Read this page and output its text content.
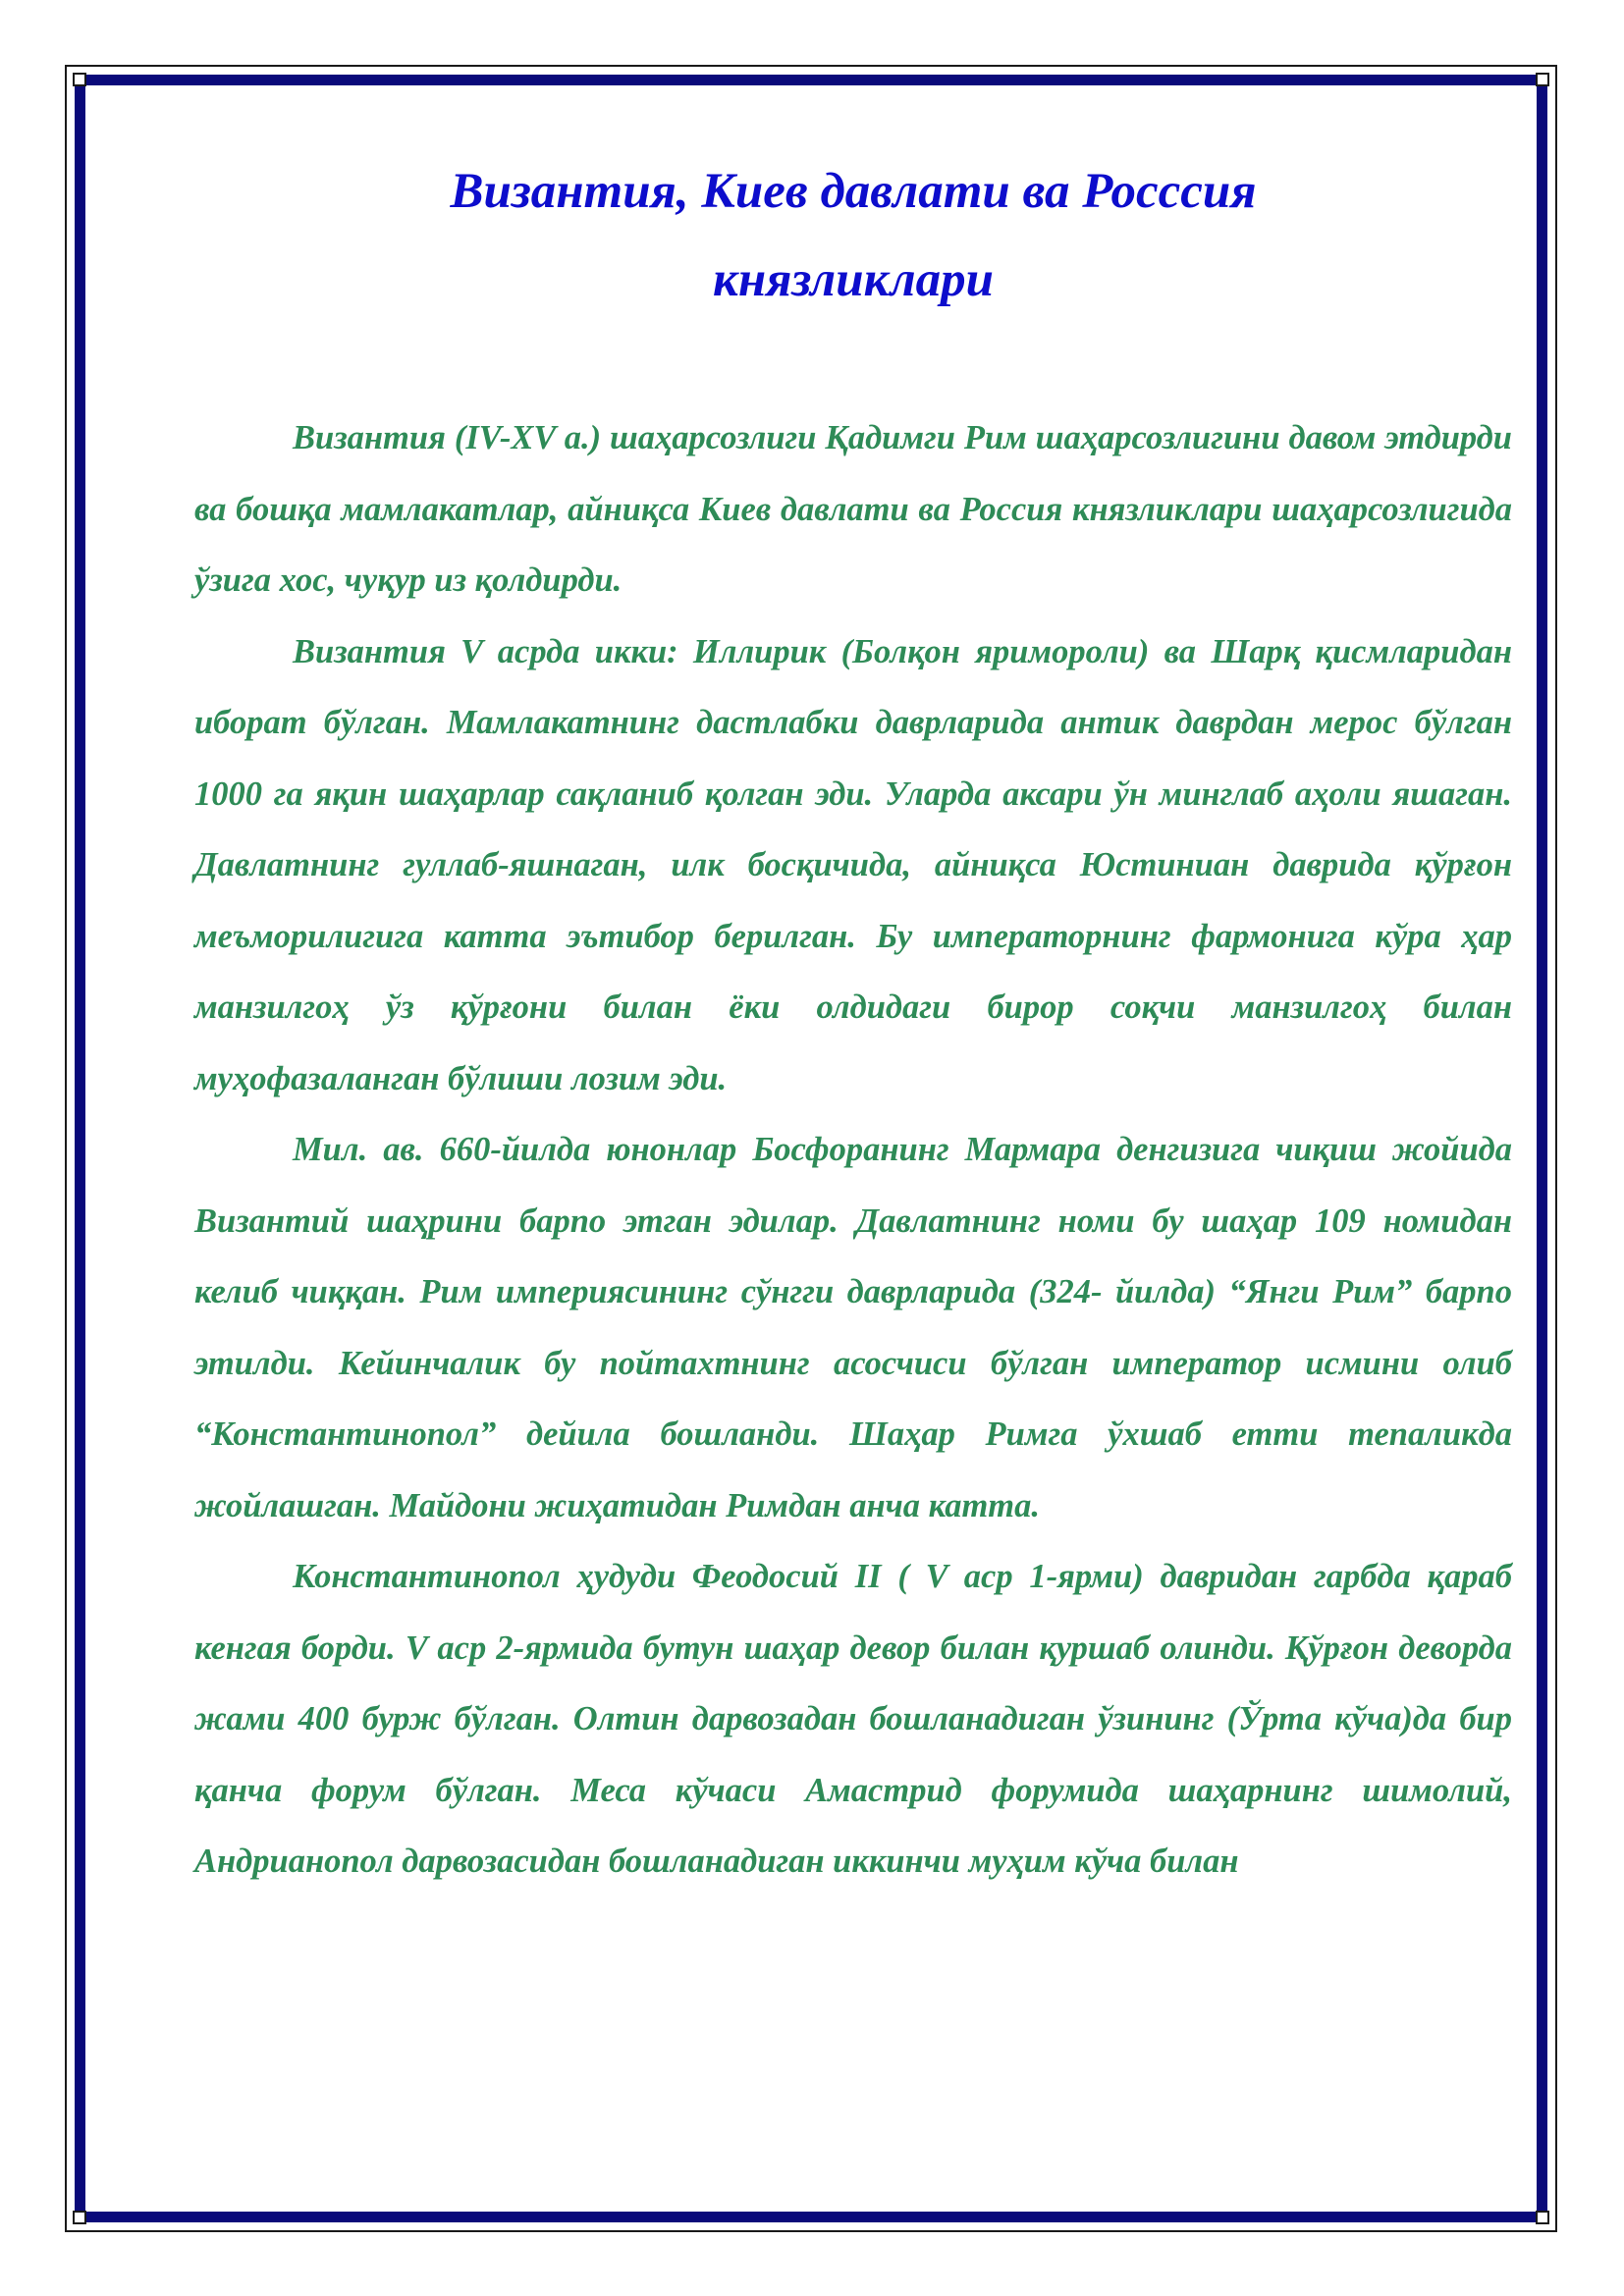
Византия, Киев давлати ва Росссия
князликлари

Византия (IV-XV a.) шаҳарсозлиги Қадимги Рим шаҳарсозлигини давом этдирди ва бошқа мамлакатлар, айниқса Киев давлати ва Россия князликлари шаҳарсозлигида ўзига хос, чуқур из қолдирди.

Византия V асрда икки: Иллирик (Болқон яримороли) ва Шарқ қисмларидан иборат бўлган. Мамлакатнинг дастлабки даврларида антик даврдан мерос бўлган 1000 га яқин шаҳарлар сақланиб қолган эди. Уларда аксари ўн минглаб аҳоли яшаган. Давлатнинг гуллаб-яшнаган, илк босқичида, айниқса Юстиниан даврида қўрғон меъморилигига катта эътибор берилган. Бу императорнинг фармонига кўра ҳар манзилгоҳ ўз қўрғони билан ёки олдидаги бирор соқчи манзилгоҳ билан муҳофазаланган бўлиши лозим эди.

Мил. ав. 660-йилда юнонлар Босфоранинг Мармара денгизига чиқиш жойида Византий шаҳрини барпо этган эдилар. Давлатнинг номи бу шаҳар 109 номидан келиб чиққан. Рим империясининг сўнгги даврларида (324- йилда) “Янги Рим” барпо этилди. Кейинчалик бу пойтахтнинг асосчиси бўлган император исмини олиб “Константинопол” дейила бошланди. Шаҳар Римга ўхшаб етти тепаликда жойлашган. Майдони жиҳатидан Римдан анча катта.

Константинопол ҳудуди Феодосий II ( V аср 1-ярми) давридан гарбда қараб кенгая борди. V аср 2-ярмида бутун шаҳар девор билан қуршаб олинди. Қўрғон деворда жами 400 бурж бўлган. Олтин дарвозадан бошланадиган ўзининг (Ўрта кўча)да бир қанча форум бўлган. Меса кўчаси Амастрид форумида шаҳарнинг шимолий, Андрианопол дарвозасидан бошланадиган иккинчи муҳим кўча билан
